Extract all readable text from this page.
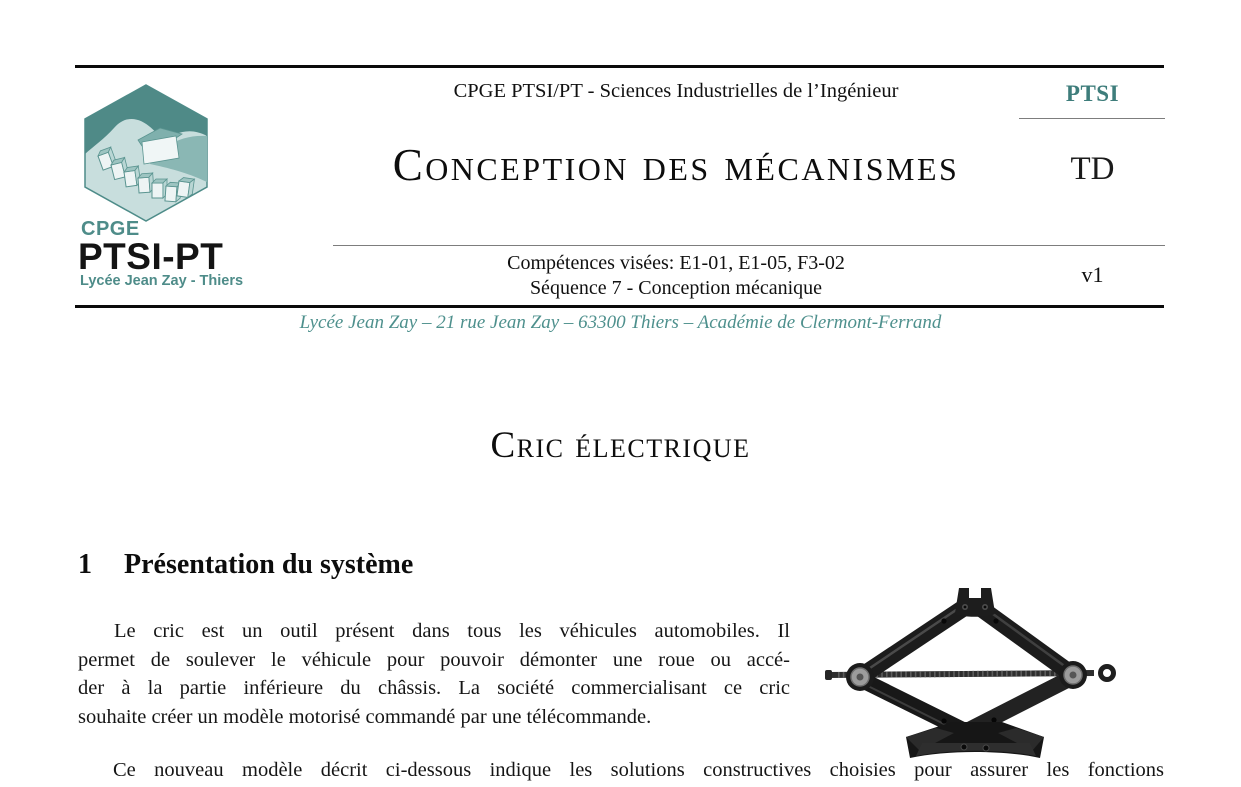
CPGE
PTSI-PT
Lycée Jean Zay - Thiers
CPGE PTSI/PT - Sciences Industrielles de l’Ingénieur
Conception des mécanismes
Compétences visées: E1-01, E1-05, F3-02
Séquence 7 - Conception mécanique
PTSI
TD
v1
Lycée Jean Zay – 21 rue Jean Zay – 63300 Thiers – Académie de Clermont-Ferrand
Cric électrique
1 Présentation du système
Le cric est un outil présent dans tous les véhicules automobiles. Il
permet de soulever le véhicule pour pouvoir démonter une roue ou accé-
der à la partie inférieure du châssis. La société commercialisant ce cric
souhaite créer un modèle motorisé commandé par une télécommande.
Ce nouveau modèle décrit ci-dessous indique les solutions constructives choisies pour assurer les fonctions
